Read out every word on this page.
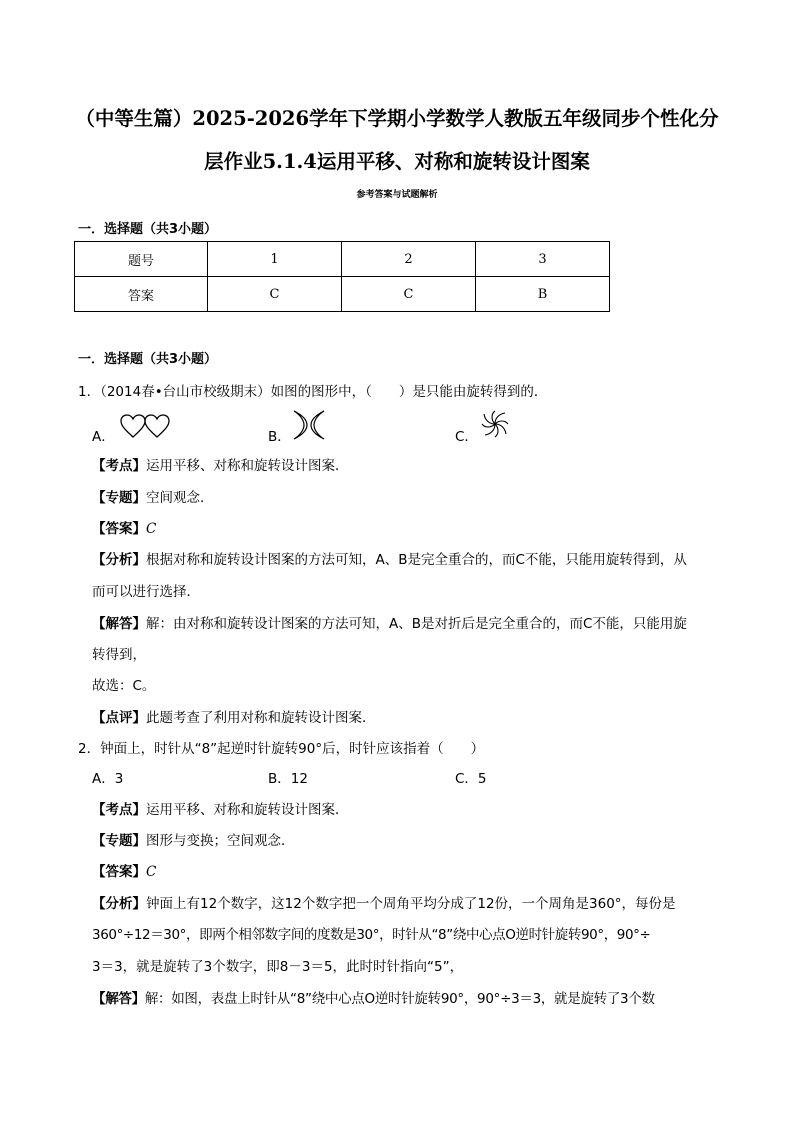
（中等生篇）2025-2026学年下学期小学数学人教版五年级同步个性化分
层作业5.1.4运用平移、对称和旋转设计图案
参考答案与试题解析
一．选择题（共3小题）
题号	1	2	3
答案	C	C	B
一．选择题（共3小题）
1．（2014春•台山市校级期末）如图的图形中，（　　）是只能由旋转得到的．
A．	B．	C．
【考点】运用平移、对称和旋转设计图案．
【专题】空间观念．
【答案】C
【分析】根据对称和旋转设计图案的方法可知，A、B是完全重合的，而C不能，只能用旋转得到，从
而可以进行选择．
【解答】解：由对称和旋转设计图案的方法可知，A、B是对折后是完全重合的，而C不能，只能用旋
转得到，
故选：C。
【点评】此题考查了利用对称和旋转设计图案．
2．钟面上，时针从“8”起逆时针旋转90°后，时针应该指着（　　）
A．3	B．12	C．5
【考点】运用平移、对称和旋转设计图案．
【专题】图形与变换；空间观念．
【答案】C
【分析】钟面上有12个数字，这12个数字把一个周角平均分成了12份，一个周角是360°，每份是
360°÷12＝30°，即两个相邻数字间的度数是30°，时针从“8”绕中心点O逆时针旋转90°，90°÷
3＝3，就是旋转了3个数字，即8－3＝5，此时时针指向“5”，
【解答】解：如图，表盘上时针从“8”绕中心点O逆时针旋转90°，90°÷3＝3，就是旋转了3个数
